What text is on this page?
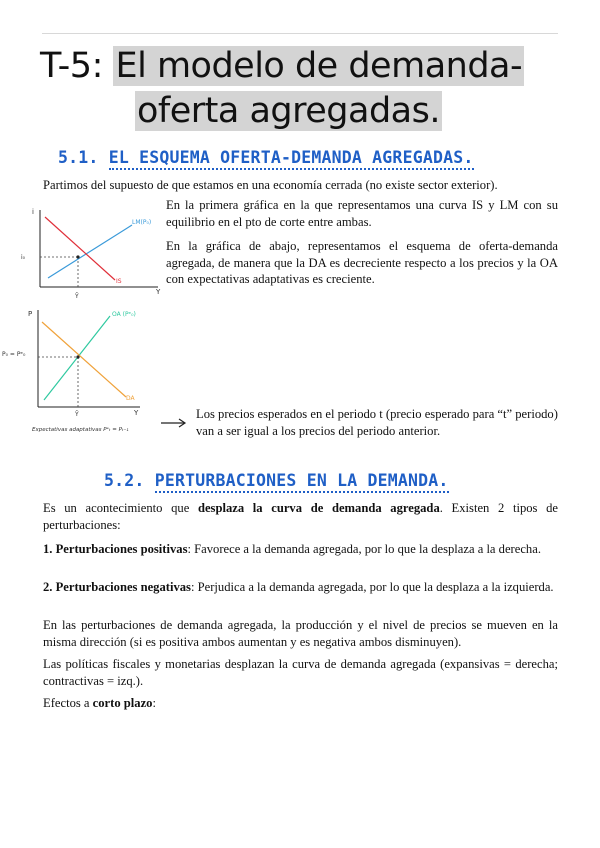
T-5: El modelo de demanda-
oferta agregadas.
5.1. EL ESQUEMA OFERTA-DEMANDA AGREGADAS.

Partimos del supuesto de que estamos en una economía cerrada (no existe sector exterior).

i
Y
i₀
Ȳ
LM(P₀)
IS
P
Y
P₀ = Pᵉ₀
Ȳ
OA (Pᵉ₀)
DA
Expectativas adaptativas Pᵉₜ = Pₜ₋₁

En la primera gráfica en la que representamos una curva IS y LM con su equilibrio en el pto de corte entre ambas.

En la gráfica de abajo, representamos el esquema de oferta-demanda agregada, de manera que la DA es decreciente respecto a los precios y la OA con expectativas adaptativas es creciente.

Los precios esperados en el periodo t (precio esperado para “t” periodo) van a ser igual a los precios del periodo anterior.

5.2. PERTURBACIONES EN LA DEMANDA.

Es un acontecimiento que desplaza la curva de demanda agregada. Existen 2 tipos de perturbaciones:

1. Perturbaciones positivas: Favorece a la demanda agregada, por lo que la desplaza a la derecha.

2. Perturbaciones negativas: Perjudica a la demanda agregada, por lo que la desplaza a la izquierda.

En las perturbaciones de demanda agregada, la producción y el nivel de precios se mueven en la misma dirección (si es positiva ambos aumentan y es negativa ambos disminuyen).

Las políticas fiscales y monetarias desplazan la curva de demanda agregada (expansivas = derecha; contractivas = izq.).

Efectos a corto plazo:
